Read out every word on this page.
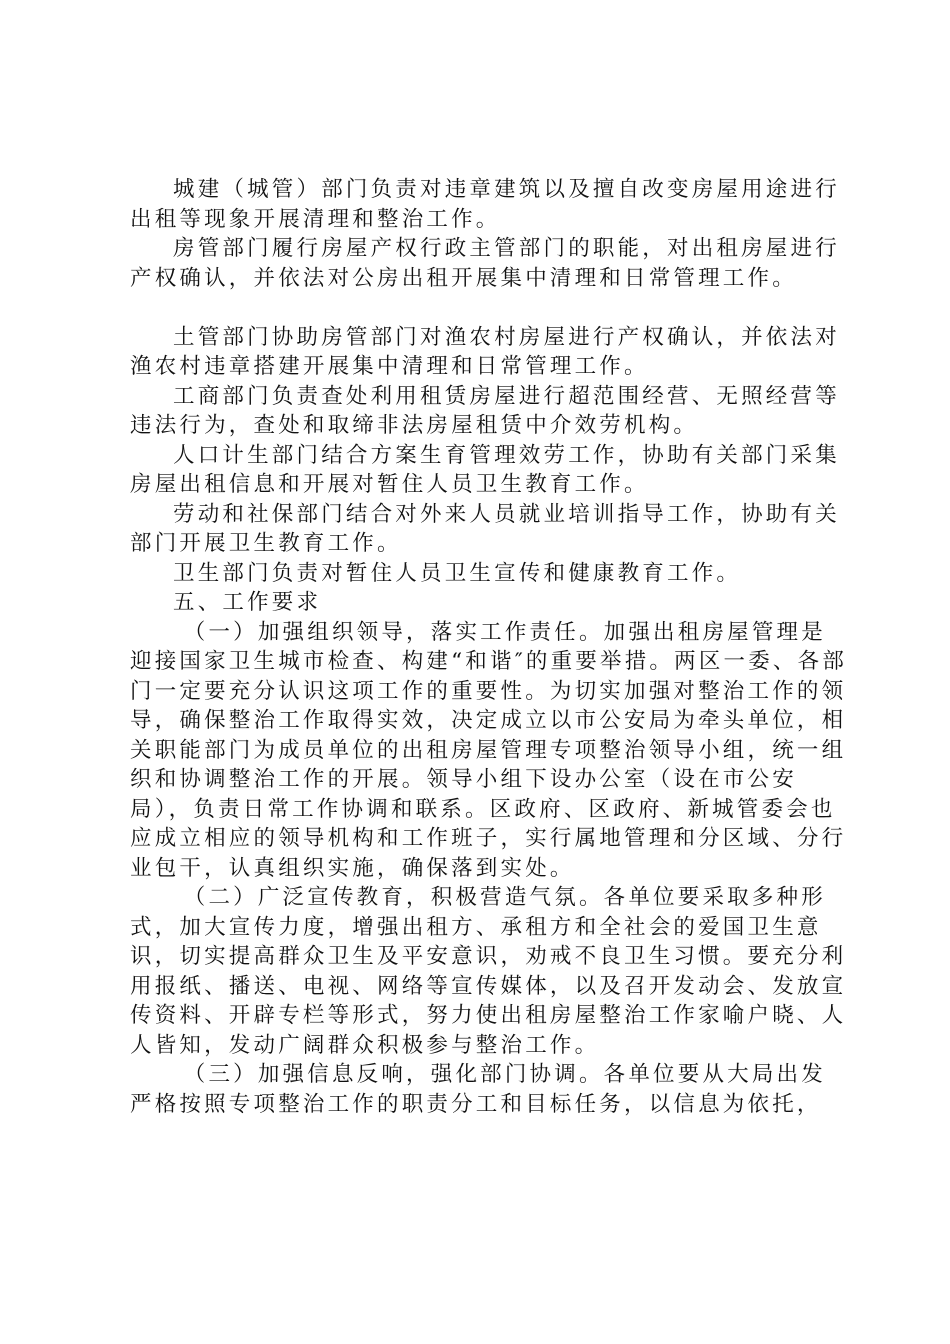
城建（城管）部门负责对违章建筑以及擅自改变房屋用途进行出租等现象开展清理和整治工作。

房管部门履行房屋产权行政主管部门的职能，对出租房屋进行产权确认，并依法对公房出租开展集中清理和日常管理工作。

土管部门协助房管部门对渔农村房屋进行产权确认，并依法对渔农村违章搭建开展集中清理和日常管理工作。

工商部门负责查处利用租赁房屋进行超范围经营、无照经营等违法行为，查处和取缔非法房屋租赁中介效劳机构。

人口计生部门结合方案生育管理效劳工作，协助有关部门采集房屋出租信息和开展对暂住人员卫生教育工作。

劳动和社保部门结合对外来人员就业培训指导工作，协助有关部门开展卫生教育工作。

卫生部门负责对暂住人员卫生宣传和健康教育工作。

五、工作要求

（一）加强组织领导，落实工作责任。加强出租房屋管理是迎接国家卫生城市检查、构建“和谐″的重要举措。两区一委、各部门一定要充分认识这项工作的重要性。为切实加强对整治工作的领导，确保整治工作取得实效，决定成立以市公安局为牵头单位，相关职能部门为成员单位的出租房屋管理专项整治领导小组，统一组织和协调整治工作的开展。领导小组下设办公室（设在市公安局），负责日常工作协调和联系。区政府、区政府、新城管委会也应成立相应的领导机构和工作班子，实行属地管理和分区域、分行业包干，认真组织实施，确保落到实处。

（二）广泛宣传教育，积极营造气氛。各单位要采取多种形式，加大宣传力度，增强出租方、承租方和全社会的爱国卫生意识，切实提高群众卫生及平安意识，劝戒不良卫生习惯。要充分利用报纸、播送、电视、网络等宣传媒体，以及召开发动会、发放宣传资料、开辟专栏等形式，努力使出租房屋整治工作家喻户晓、人人皆知，发动广阔群众积极参与整治工作。

（三）加强信息反响，强化部门协调。各单位要从大局出发严格按照专项整治工作的职责分工和目标任务，以信息为依托，
